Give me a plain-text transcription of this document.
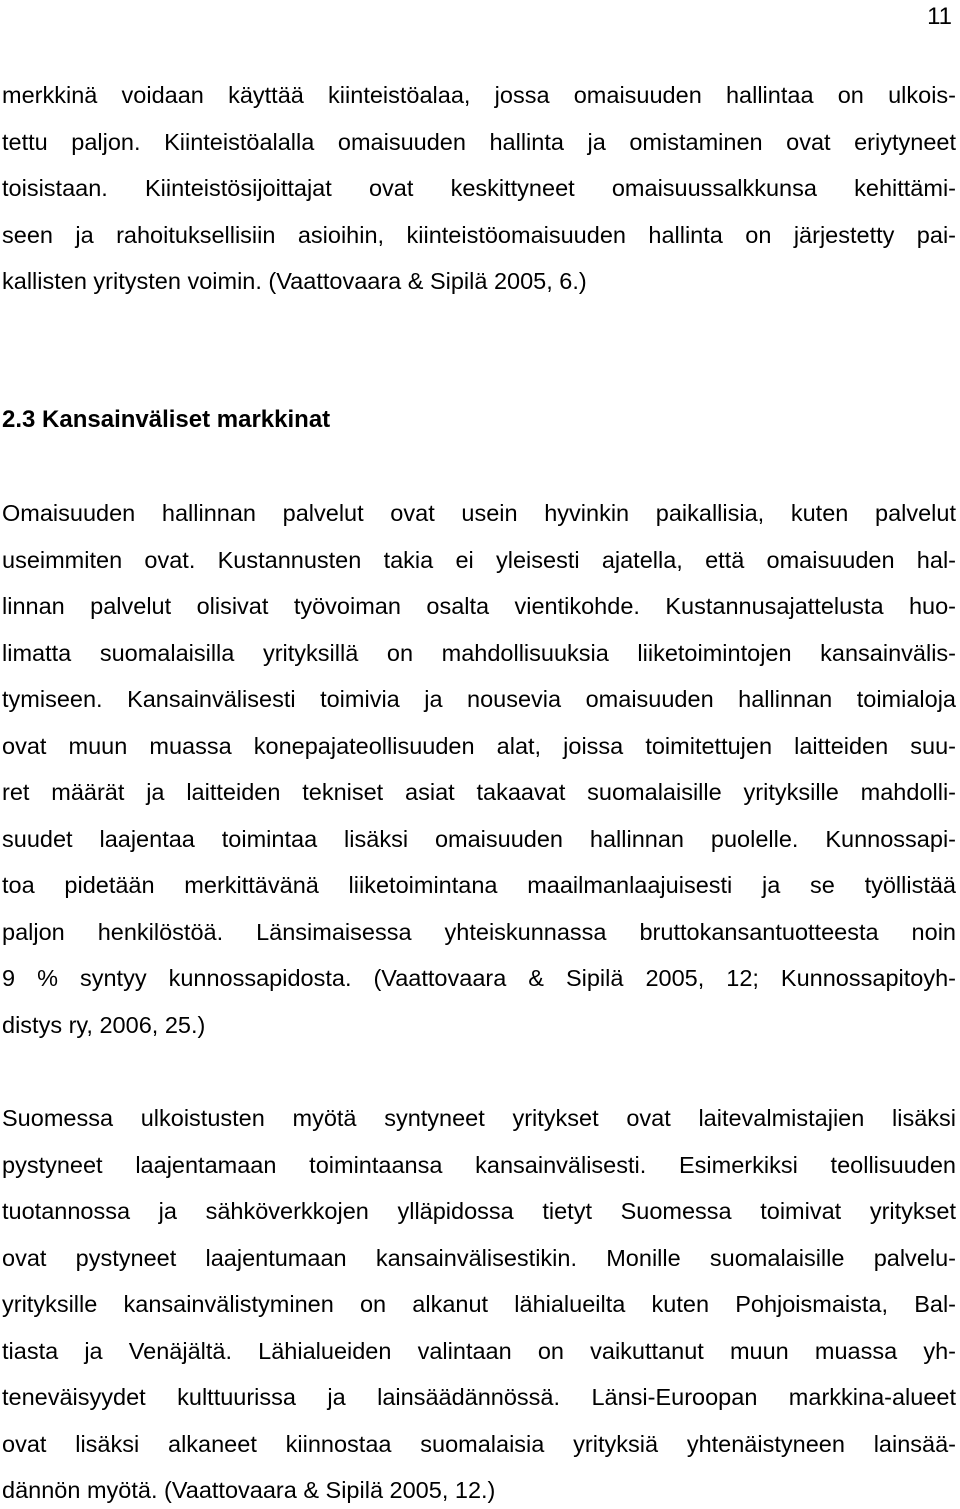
11
merkkinä voidaan käyttää kiinteistöalaa, jossa omaisuuden hallintaa on ulkois-
tettu paljon. Kiinteistöalalla omaisuuden hallinta ja omistaminen ovat eriytyneet
toisistaan. Kiinteistösijoittajat ovat keskittyneet omaisuussalkkunsa kehittämi-
seen ja rahoituksellisiin asioihin, kiinteistöomaisuuden hallinta on järjestetty pai-
kallisten yritysten voimin. (Vaattovaara & Sipilä 2005, 6.)
2.3 Kansainväliset markkinat
Omaisuuden hallinnan palvelut ovat usein hyvinkin paikallisia, kuten palvelut
useimmiten ovat. Kustannusten takia ei yleisesti ajatella, että omaisuuden hal-
linnan palvelut olisivat työvoiman osalta vientikohde. Kustannusajattelusta huo-
limatta suomalaisilla yrityksillä on mahdollisuuksia liiketoimintojen kansainvälis-
tymiseen. Kansainvälisesti toimivia ja nousevia omaisuuden hallinnan toimialoja
ovat muun muassa konepajateollisuuden alat, joissa toimitettujen laitteiden suu-
ret määrät ja laitteiden tekniset asiat takaavat suomalaisille yrityksille mahdolli-
suudet laajentaa toimintaa lisäksi omaisuuden hallinnan puolelle. Kunnossapi-
toa pidetään merkittävänä liiketoimintana maailmanlaajuisesti ja se työllistää
paljon henkilöstöä. Länsimaisessa yhteiskunnassa bruttokansantuotteesta noin
9 % syntyy kunnossapidosta. (Vaattovaara & Sipilä 2005, 12; Kunnossapitoyh-
distys ry, 2006, 25.)
Suomessa ulkoistusten myötä syntyneet yritykset ovat laitevalmistajien lisäksi
pystyneet laajentamaan toimintaansa kansainvälisesti. Esimerkiksi teollisuuden
tuotannossa ja sähköverkkojen ylläpidossa tietyt Suomessa toimivat yritykset
ovat pystyneet laajentumaan kansainvälisestikin. Monille suomalaisille palvelu-
yrityksille kansainvälistyminen on alkanut lähialueilta kuten Pohjoismaista, Bal-
tiasta ja Venäjältä. Lähialueiden valintaan on vaikuttanut muun muassa yh-
teneväisyydet kulttuurissa ja lainsäädännössä. Länsi-Euroopan markkina-alueet
ovat lisäksi alkaneet kiinnostaa suomalaisia yrityksiä yhtenäistyneen lainsää-
dännön myötä. (Vaattovaara & Sipilä 2005, 12.)
